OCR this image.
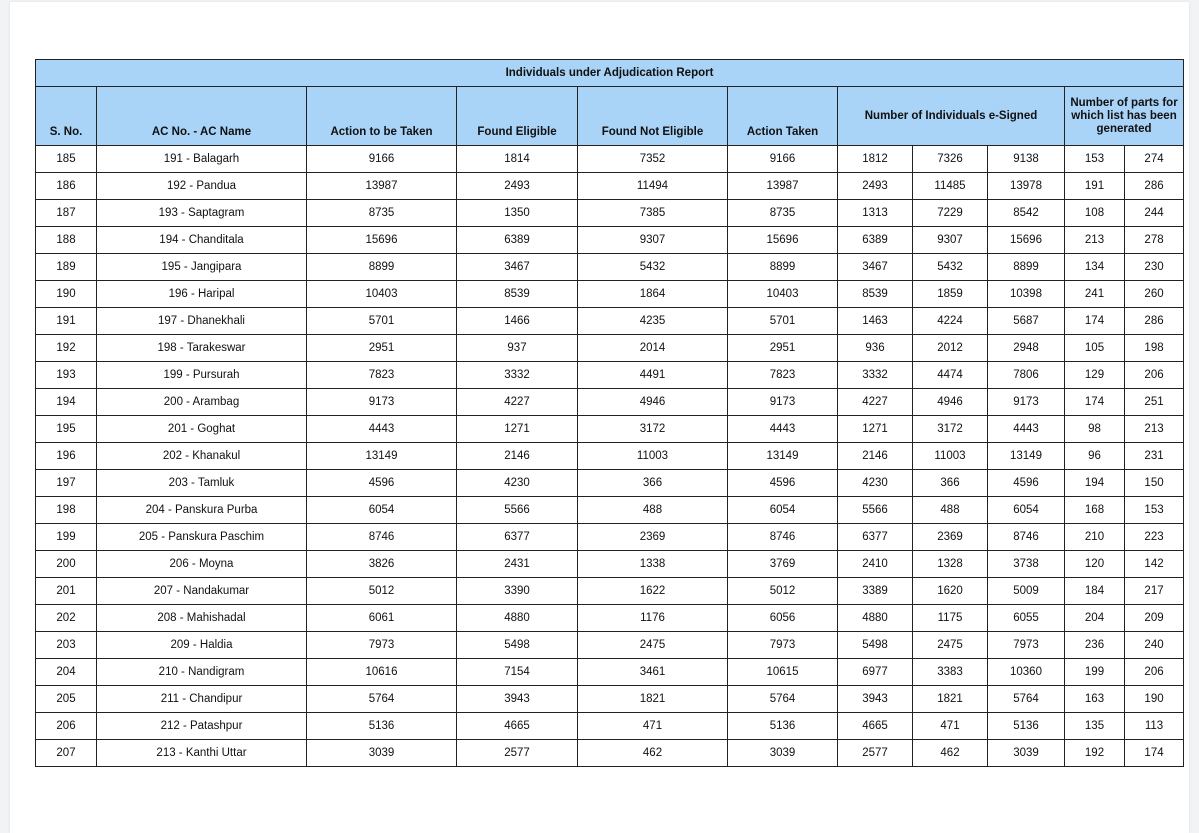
Individuals under Adjudication Report										
S. No.	AC No. - AC Name	Action to be Taken	Found Eligible	Found Not Eligible	Action Taken	Number of Individuals e-Signed			Number of parts for which list has been generated	
185	191 - Balagarh	9166	1814	7352	9166	1812	7326	9138	153	274
186	192 - Pandua	13987	2493	11494	13987	2493	11485	13978	191	286
187	193 - Saptagram	8735	1350	7385	8735	1313	7229	8542	108	244
188	194 - Chanditala	15696	6389	9307	15696	6389	9307	15696	213	278
189	195 - Jangipara	8899	3467	5432	8899	3467	5432	8899	134	230
190	196 - Haripal	10403	8539	1864	10403	8539	1859	10398	241	260
191	197 - Dhanekhali	5701	1466	4235	5701	1463	4224	5687	174	286
192	198 - Tarakeswar	2951	937	2014	2951	936	2012	2948	105	198
193	199 - Pursurah	7823	3332	4491	7823	3332	4474	7806	129	206
194	200 - Arambag	9173	4227	4946	9173	4227	4946	9173	174	251
195	201 - Goghat	4443	1271	3172	4443	1271	3172	4443	98	213
196	202 - Khanakul	13149	2146	11003	13149	2146	11003	13149	96	231
197	203 - Tamluk	4596	4230	366	4596	4230	366	4596	194	150
198	204 - Panskura Purba	6054	5566	488	6054	5566	488	6054	168	153
199	205 - Panskura Paschim	8746	6377	2369	8746	6377	2369	8746	210	223
200	206 - Moyna	3826	2431	1338	3769	2410	1328	3738	120	142
201	207 - Nandakumar	5012	3390	1622	5012	3389	1620	5009	184	217
202	208 - Mahishadal	6061	4880	1176	6056	4880	1175	6055	204	209
203	209 - Haldia	7973	5498	2475	7973	5498	2475	7973	236	240
204	210 - Nandigram	10616	7154	3461	10615	6977	3383	10360	199	206
205	211 - Chandipur	5764	3943	1821	5764	3943	1821	5764	163	190
206	212 - Patashpur	5136	4665	471	5136	4665	471	5136	135	113
207	213 - Kanthi Uttar	3039	2577	462	3039	2577	462	3039	192	174
